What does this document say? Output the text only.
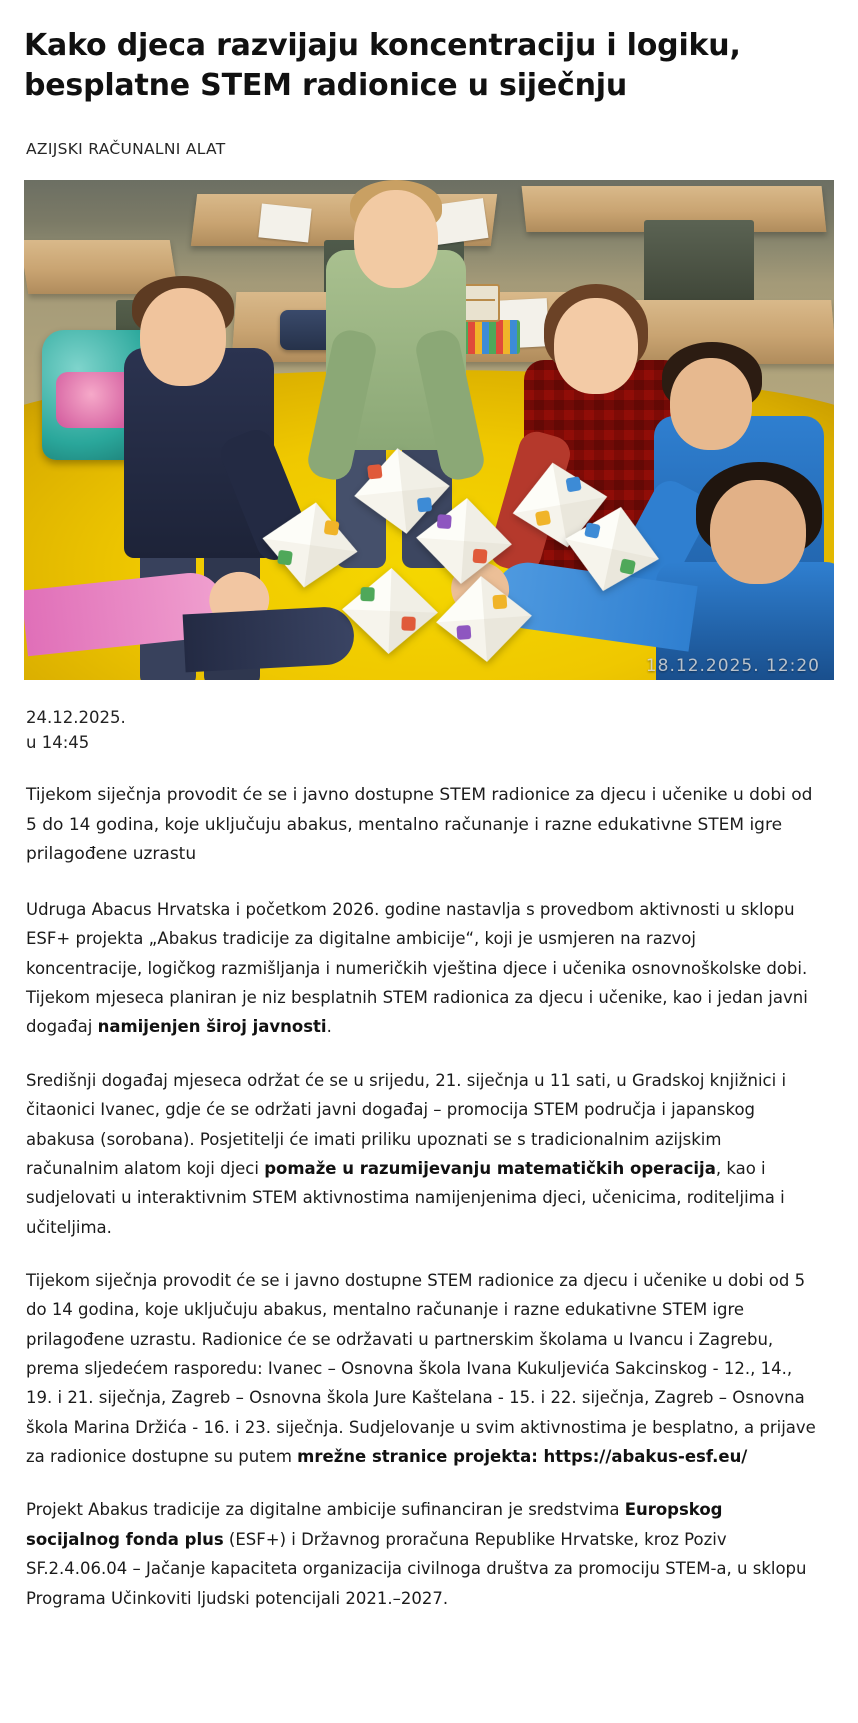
Kako djeca razvijaju koncentraciju i logiku, besplatne STEM radionice u siječnju
AZIJSKI RAČUNALNI ALAT
18.12.2025. 12:20
24.12.2025.
u 14:45

Tijekom siječnja provodit će se i javno dostupne STEM radionice za djecu i učenike u dobi od 5 do 14 godina, koje uključuju abakus, mentalno računanje i razne edukativne STEM igre prilagođene uzrastu

Udruga Abacus Hrvatska i početkom 2026. godine nastavlja s provedbom aktivnosti u sklopu ESF+ projekta „Abakus tradicije za digitalne ambicije“, koji je usmjeren na razvoj koncentracije, logičkog razmišljanja i numeričkih vještina djece i učenika osnovnoškolske dobi. Tijekom mjeseca planiran je niz besplatnih STEM radionica za djecu i učenike, kao i jedan javni događaj namijenjen široj javnosti.

Središnji događaj mjeseca održat će se u srijedu, 21. siječnja u 11 sati, u Gradskoj knjižnici i čitaonici Ivanec, gdje će se održati javni događaj – promocija STEM područja i japanskog abakusa (sorobana). Posjetitelji će imati priliku upoznati se s tradicionalnim azijskim računalnim alatom koji djeci pomaže u razumijevanju matematičkih operacija, kao i sudjelovati u interaktivnim STEM aktivnostima namijenjenima djeci, učenicima, roditeljima i učiteljima.

Tijekom siječnja provodit će se i javno dostupne STEM radionice za djecu i učenike u dobi od 5 do 14 godina, koje uključuju abakus, mentalno računanje i razne edukativne STEM igre prilagođene uzrastu. Radionice će se održavati u partnerskim školama u Ivancu i Zagrebu, prema sljedećem rasporedu: Ivanec – Osnovna škola Ivana Kukuljevića Sakcinskog - 12., 14., 19. i 21. siječnja, Zagreb – Osnovna škola Jure Kaštelana - 15. i 22. siječnja, Zagreb – Osnovna škola Marina Držića - 16. i 23. siječnja. Sudjelovanje u svim aktivnostima je besplatno, a prijave za radionice dostupne su putem mrežne stranice projekta: https://abakus-esf.eu/

Projekt Abakus tradicije za digitalne ambicije sufinanciran je sredstvima Europskog socijalnog fonda plus (ESF+) i Državnog proračuna Republike Hrvatske, kroz Poziv SF.2.4.06.04 – Jačanje kapaciteta organizacija civilnoga društva za promociju STEM-a, u sklopu Programa Učinkoviti ljudski potencijali 2021.–2027.
